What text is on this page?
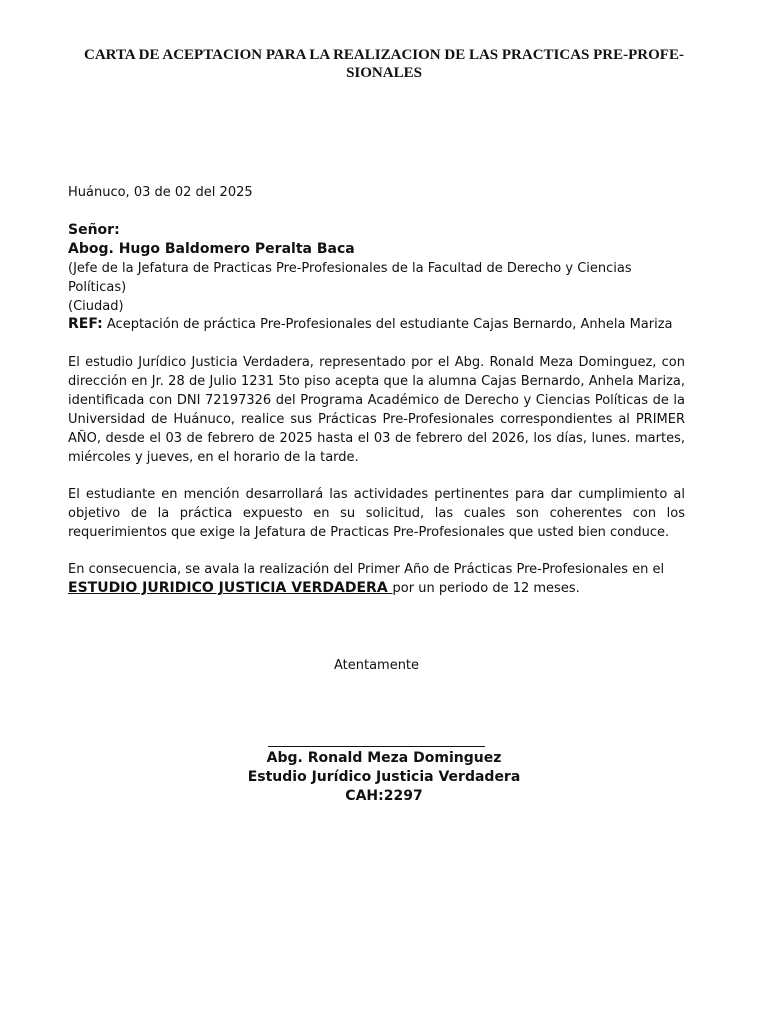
CARTA DE ACEPTACION PARA LA REALIZACION DE LAS PRACTICAS PRE-PROFE-
SIONALES
Huánuco, 03 de 02 del 2025
Señor:
Abog. Hugo Baldomero Peralta Baca
(Jefe de la Jefatura de Practicas Pre-Profesionales de la Facultad de Derecho y Ciencias Políticas)
(Ciudad)
REF: Aceptación de práctica Pre-Profesionales del estudiante Cajas Bernardo, Anhela Mariza
El estudio Jurídico Justicia Verdadera, representado por el Abg. Ronald Meza Dominguez, con dirección en Jr. 28 de Julio 1231 5to piso acepta que la alumna Cajas Bernardo, Anhela Mariza, identificada con DNI 72197326 del Programa Académico de Derecho y Ciencias Políticas de la Universidad de Huánuco, realice sus Prácticas Pre-Profesionales correspondientes al PRIMER AÑO, desde el 03 de febrero de 2025 hasta el 03 de febrero del 2026, los días, lunes. martes, miércoles y jueves, en el horario de la tarde.
El estudiante en mención desarrollará las actividades pertinentes para dar cumplimiento al objetivo de la práctica expuesto en su solicitud, las cuales son coherentes con los requerimientos que exige la Jefatura de Practicas Pre-Profesionales que usted bien conduce.
En consecuencia, se avala la realización del Primer Año de Prácticas Pre-Profesionales en el ESTUDIO JURIDICO JUSTICIA VERDADERA por un periodo de 12 meses.
Atentamente
Abg. Ronald Meza Dominguez
Estudio Jurídico Justicia Verdadera
CAH:2297
